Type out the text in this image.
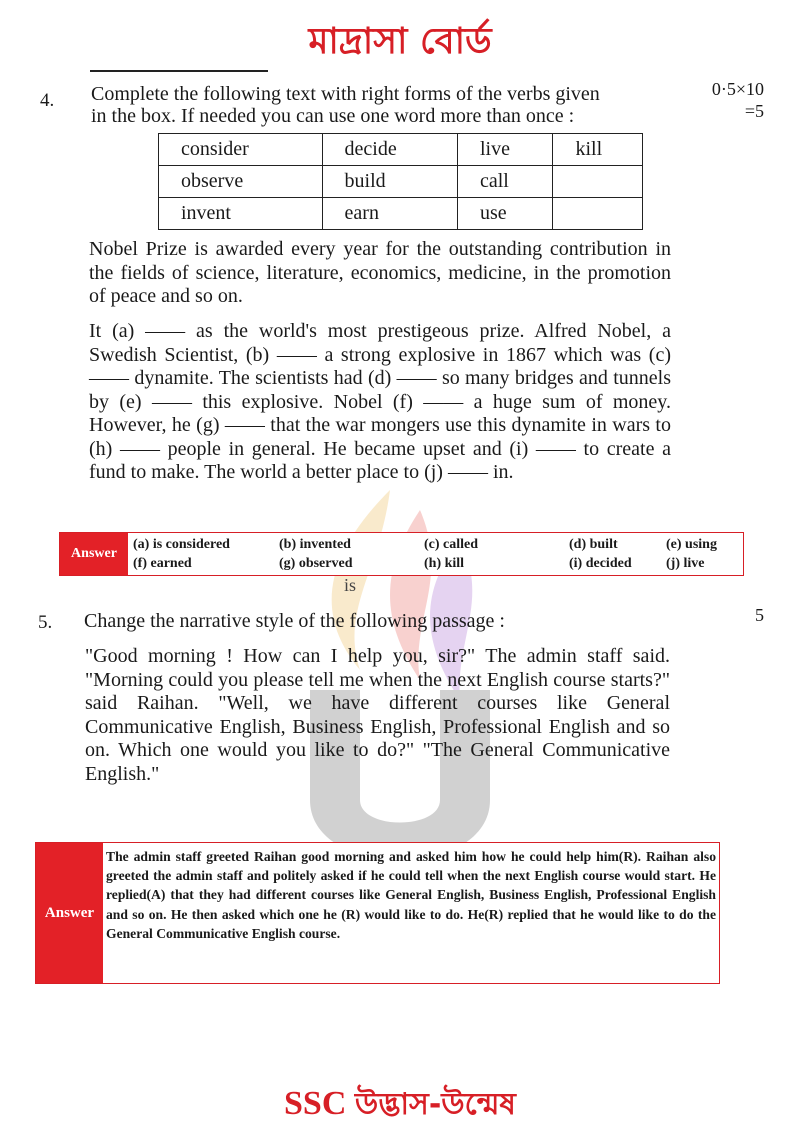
মাদ্রাসা বোর্ড
4. Complete the following text with right forms of the verbs given
in the box. If needed you can use one word more than once :
0·5×10
=5
consider	decide	live	kill
observe	build	call	
invent	earn	use	
Nobel Prize is awarded every year for the outstanding contribution in the fields of science, literature, economics, medicine, in the promotion of peace and so on.
It (a) —— as the world's most prestigeous prize. Alfred Nobel, a Swedish Scientist, (b) —— a strong explosive in 1867 which was (c) —— dynamite. The scientists had (d) —— so many bridges and tunnels by (e) —— this explosive. Nobel (f) —— a huge sum of money. However, he (g) —— that the war mongers use this dynamite in wars to (h) —— people in general. He became upset and (i) —— to create a fund to make. The world a better place to (j) —— in.
Answer
(a) is considered	(b) invented	(c) called	(d) built	(e) using
(f) earned	(g) observed	(h) kill	(i) decided (j) live
is
5. Change the narrative style of the following passage :	5
"Good morning ! How can I help you, sir?" The admin staff said. "Morning could you please tell me when the next English course starts?" said Raihan. "Well, we have different courses like General Communicative English, Business English, Professional English and so on. Which one would you like to do?" "The General Communicative English."
Answer
The admin staff greeted Raihan good morning and asked him how he could help him(R). Raihan also greeted the admin staff and politely asked if he could tell when the next English course would start. He replied(A) that they had different courses like General English, Business English, Professional English and so on. He then asked which one he (R) would like to do. He(R) replied that he would like to do the General Communicative English course.
SSC উদ্ভাস-উন্মেষ
